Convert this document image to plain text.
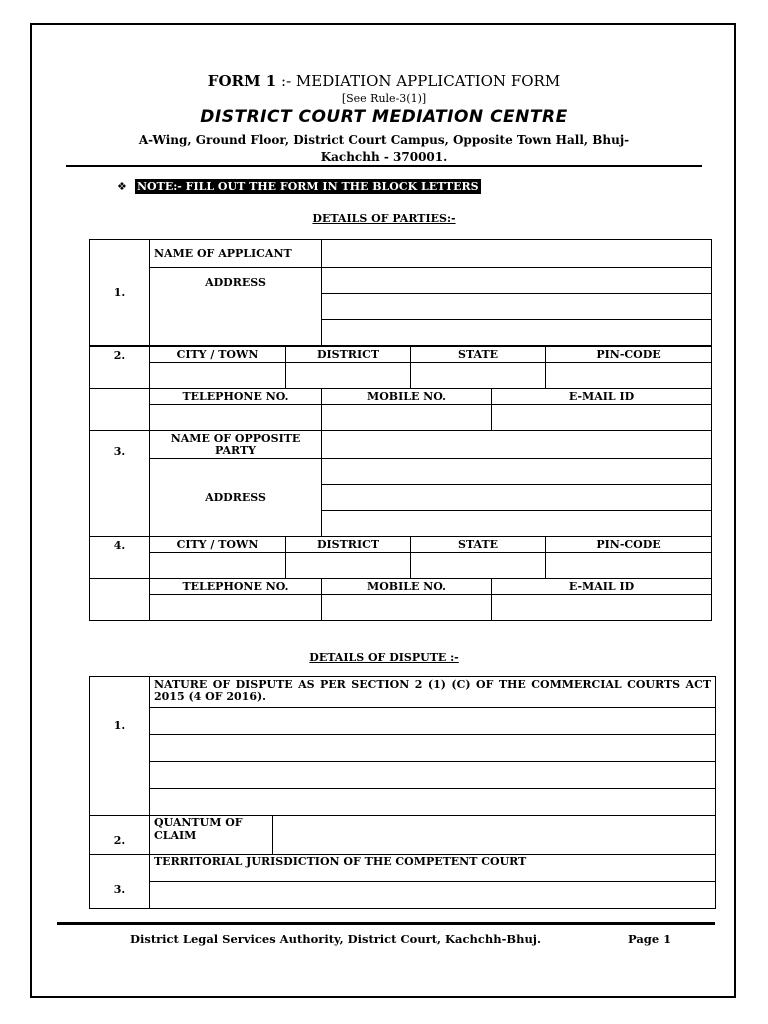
FORM 1 :- MEDIATION APPLICATION FORM
[See Rule-3(1)]
DISTRICT COURT MEDIATION CENTRE
A-Wing, Ground Floor, District Court Campus, Opposite Town Hall, Bhuj-
Kachchh - 370001.
❖ NOTE:- FILL OUT THE FORM IN THE BLOCK LETTERS
DETAILS OF PARTIES:-
1.	NAME OF APPLICANT					
	ADDRESS					

2.	CITY / TOWN	DISTRICT		STATE		PIN-CODE

	TELEPHONE NO.		MOBILE NO.		E-MAIL ID	

3.	NAME OF OPPOSITE PARTY					
	ADDRESS					

4.	CITY / TOWN	DISTRICT		STATE		PIN-CODE

	TELEPHONE NO.		MOBILE NO.		E-MAIL ID	

DETAILS OF DISPUTE :-
1.	NATURE OF DISPUTE AS PER SECTION 2 (1) (C) OF THE COMMERCIAL COURTS ACT 2015 (4 OF 2016).	

2.	QUANTUM OF CLAIM	
3.	TERRITORIAL JURISDICTION OF THE COMPETENT COURT	

District Legal Services Authority, District Court, Kachchh-Bhuj.	Page 1
